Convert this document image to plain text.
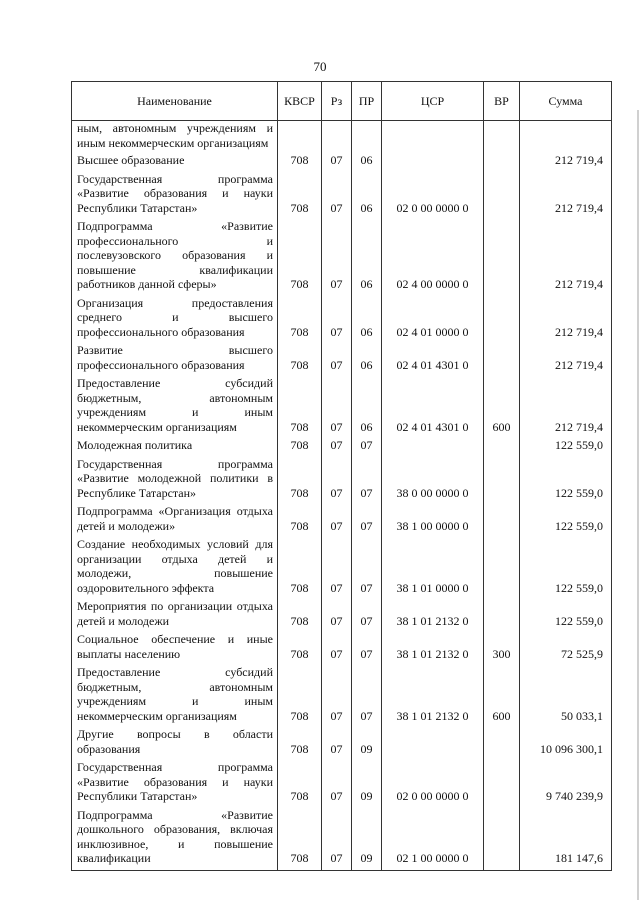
70
Наименование	КВСР	Рз	ПР	ЦСР	ВР	Сумма
ным, автономным учреждениям и иным некоммерческим организациям						
Высшее образование	708	07	06			212 719,4
Государственная программа «Развитие образования и науки Республики Татарстан»	708	07	06	02 0 00 0000 0		212 719,4
Подпрограмма «Развитие профессионального и послевузовского образования и повышение квалификации работников данной сферы»	708	07	06	02 4 00 0000 0		212 719,4
Организация предоставления среднего и высшего профессионального образования	708	07	06	02 4 01 0000 0		212 719,4
Развитие высшего профессионального образования	708	07	06	02 4 01 4301 0		212 719,4
Предоставление субсидий бюджетным, автономным учреждениям и иным некоммерческим организациям	708	07	06	02 4 01 4301 0	600	212 719,4
Молодежная политика	708	07	07			122 559,0
Государственная программа «Развитие молодежной политики в Республике Татарстан»	708	07	07	38 0 00 0000 0		122 559,0
Подпрограмма «Организация отдыха детей и молодежи»	708	07	07	38 1 00 0000 0		122 559,0
Создание необходимых условий для организации отдыха детей и молодежи, повышение оздоровительного эффекта	708	07	07	38 1 01 0000 0		122 559,0
Мероприятия по организации отдыха детей и молодежи	708	07	07	38 1 01 2132 0		122 559,0
Социальное обеспечение и иные выплаты населению	708	07	07	38 1 01 2132 0	300	72 525,9
Предоставление субсидий бюджетным, автономным учреждениям и иным некоммерческим организациям	708	07	07	38 1 01 2132 0	600	50 033,1
Другие вопросы в области образования	708	07	09			10 096 300,1
Государственная программа «Развитие образования и науки Республики Татарстан»	708	07	09	02 0 00 0000 0		9 740 239,9
Подпрограмма «Развитие дошкольного образования, включая инклюзивное, и повышение квалификации	708	07	09	02 1 00 0000 0		181 147,6
